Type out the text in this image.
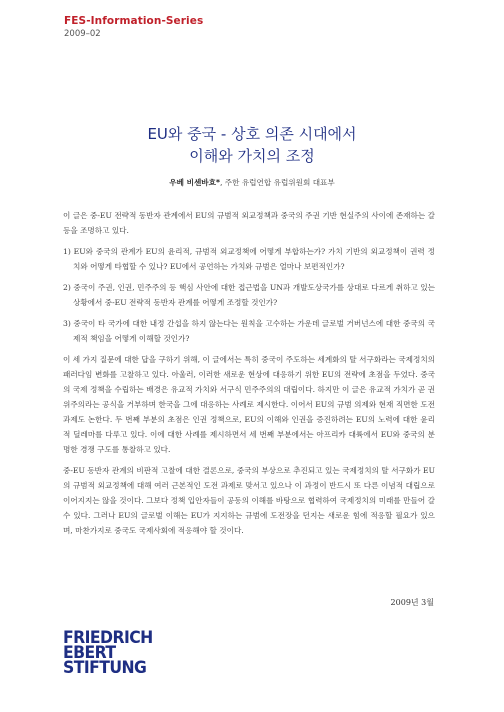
FES-Information-Series
2009–02
EU와 중국 - 상호 의존 시대에서
이해와 가치의 조정
우베 비센바흐*, 주한 유럽연합 유럽위원회 대표부

이 글은 중-EU 전략적 동반자 관계에서 EU의 규범적 외교정책과 중국의 주권 기반 현실주의 사이에 존재하는 갈등을 조명하고 있다.

1) EU와 중국의 관계가 EU의 윤리적, 규범적 외교정책에 어떻게 부합하는가? 가치 기반의 외교정책이 권력 정치와 어떻게 타협할 수 있나? EU에서 공언하는 가치와 규범은 얼마나 보편적인가?

2) 중국이 주권, 인권, 민주주의 등 핵심 사안에 대한 접근법을 UN과 개발도상국가를 상대로 다르게 취하고 있는 상황에서 중-EU 전략적 동반자 관계를 어떻게 조정할 것인가?

3) 중국이 타 국가에 대한 내정 간섭을 하지 않는다는 원칙을 고수하는 가운데 글로벌 거버넌스에 대한 중국의 국제적 책임을 어떻게 이해할 것인가?

이 세 가지 질문에 대한 답을 구하기 위해, 이 글에서는 특히 중국이 주도하는 세계화의 탈 서구화라는 국제정치의 패러다임 변화를 고찰하고 있다. 아울러, 이러한 새로운 현상에 대응하기 위한 EU의 전략에 초점을 두었다. 중국의 국제 정책을 수립하는 배경은 유교적 가치와 서구식 민주주의의 대립이다. 하지만 이 글은 유교적 가치가 곧 권위주의라는 공식을 거부하며 한국을 그에 대응하는 사례로 제시한다. 이어서 EU의 규범 의제와 현재 직면한 도전 과제도 논한다. 두 번째 부분의 초점은 인권 정책으로, EU의 이해와 인권을 증진하려는 EU의 노력에 대한 윤리적 딜레마를 다루고 있다. 이에 대한 사례를 제시하면서 세 번째 부분에서는 아프리카 대륙에서 EU와 중국의 분명한 경쟁 구도를 통찰하고 있다.

중-EU 동반자 관계의 비판적 고찰에 대한 결론으로, 중국의 부상으로 추진되고 있는 국제정치의 탈 서구화가 EU의 규범적 외교정책에 대해 여러 근본적인 도전 과제로 맞서고 있으나 이 과정이 반드시 또 다른 이념적 대립으로 이어지지는 않을 것이다. 그보다 정책 입안자들이 공동의 이해를 바탕으로 협력하여 국제정치의 미래를 만들어 갈 수 있다. 그러나 EU의 글로벌 이해는 EU가 지지하는 규범에 도전장을 던지는 새로운 힘에 적응할 필요가 있으며, 마찬가지로 중국도 국제사회에 적응해야 할 것이다.

2009년 3월
FRIEDRICH
EBERT
STIFTUNG
